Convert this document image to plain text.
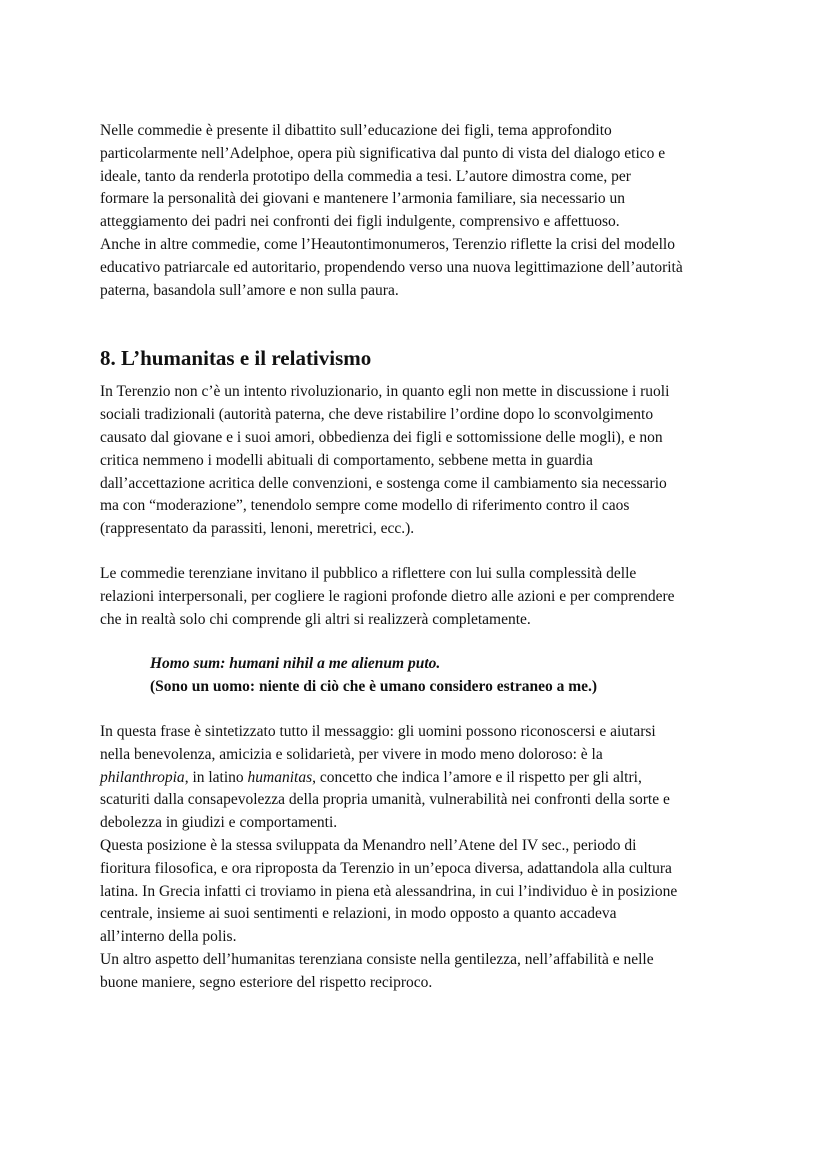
Nelle commedie è presente il dibattito sull’educazione dei figli, tema approfondito
particolarmente nell’Adelphoe, opera più significativa dal punto di vista del dialogo etico e
ideale, tanto da renderla prototipo della commedia a tesi. L’autore dimostra come, per
formare la personalità dei giovani e mantenere l’armonia familiare, sia necessario un
atteggiamento dei padri nei confronti dei figli indulgente, comprensivo e affettuoso.
Anche in altre commedie, come l’Heautontimonumeros, Terenzio riflette la crisi del modello
educativo patriarcale ed autoritario, propendendo verso una nuova legittimazione dell’autorità
paterna, basandola sull’amore e non sulla paura.

8. L’humanitas e il relativismo

In Terenzio non c’è un intento rivoluzionario, in quanto egli non mette in discussione i ruoli
sociali tradizionali (autorità paterna, che deve ristabilire l’ordine dopo lo sconvolgimento
causato dal giovane e i suoi amori, obbedienza dei figli e sottomissione delle mogli), e non
critica nemmeno i modelli abituali di comportamento, sebbene metta in guardia
dall’accettazione acritica delle convenzioni, e sostenga come il cambiamento sia necessario
ma con “moderazione”, tenendolo sempre come modello di riferimento contro il caos
(rappresentato da parassiti, lenoni, meretrici, ecc.).

Le commedie terenziane invitano il pubblico a riflettere con lui sulla complessità delle
relazioni interpersonali, per cogliere le ragioni profonde dietro alle azioni e per comprendere
che in realtà solo chi comprende gli altri si realizzerà completamente.

Homo sum: humani nihil a me alienum puto.
(Sono un uomo: niente di ciò che è umano considero estraneo a me.)

In questa frase è sintetizzato tutto il messaggio: gli uomini possono riconoscersi e aiutarsi
nella benevolenza, amicizia e solidarietà, per vivere in modo meno doloroso: è la
philanthropia, in latino humanitas, concetto che indica l’amore e il rispetto per gli altri,
scaturiti dalla consapevolezza della propria umanità, vulnerabilità nei confronti della sorte e
debolezza in giudizi e comportamenti.
Questa posizione è la stessa sviluppata da Menandro nell’Atene del IV sec., periodo di
fioritura filosofica, e ora riproposta da Terenzio in un’epoca diversa, adattandola alla cultura
latina. In Grecia infatti ci troviamo in piena età alessandrina, in cui l’individuo è in posizione
centrale, insieme ai suoi sentimenti e relazioni, in modo opposto a quanto accadeva
all’interno della polis.
Un altro aspetto dell’humanitas terenziana consiste nella gentilezza, nell’affabilità e nelle
buone maniere, segno esteriore del rispetto reciproco.
